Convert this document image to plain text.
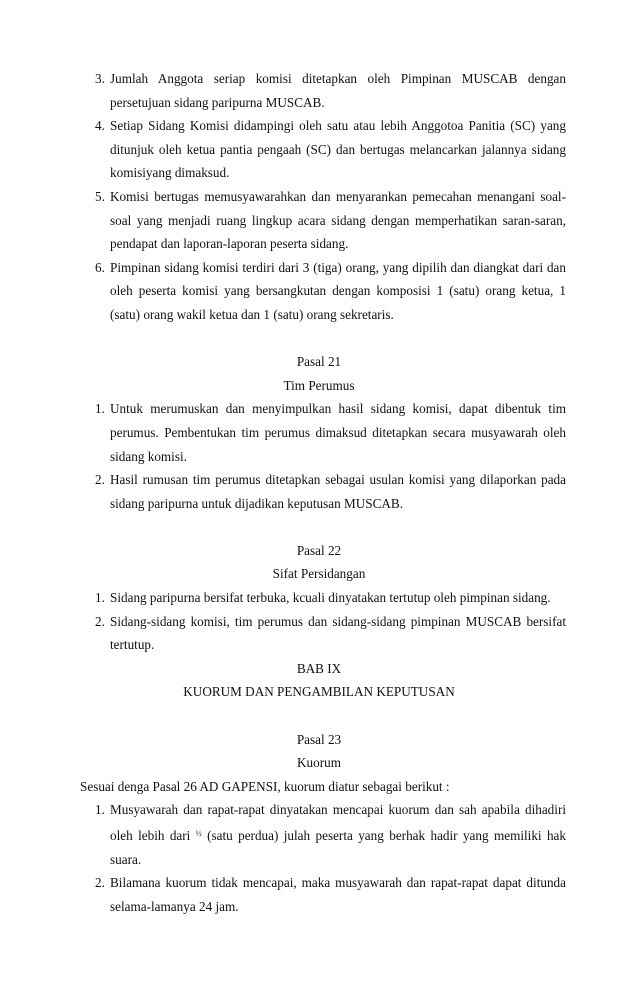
3. Jumlah Anggota seriap komisi ditetapkan oleh Pimpinan MUSCAB dengan persetujuan sidang paripurna MUSCAB.
4. Setiap Sidang Komisi didampingi oleh satu atau lebih Anggotoa Panitia (SC) yang ditunjuk oleh ketua pantia pengaah (SC) dan bertugas melancarkan jalannya sidang komisiyang dimaksud.
5. Komisi bertugas memusyawarahkan dan menyarankan pemecahan menangani soal-soal yang menjadi ruang lingkup acara sidang dengan memperhatikan saran-saran, pendapat dan laporan-laporan peserta sidang.
6. Pimpinan sidang komisi terdiri dari 3 (tiga) orang, yang dipilih dan diangkat dari dan oleh peserta komisi yang bersangkutan dengan komposisi 1 (satu) orang ketua, 1 (satu) orang wakil ketua dan 1 (satu) orang sekretaris.

Pasal 21

Tim Perumus

1. Untuk merumuskan dan menyimpulkan hasil sidang komisi, dapat dibentuk tim perumus. Pembentukan tim perumus dimaksud ditetapkan secara musyawarah oleh sidang komisi.
2. Hasil rumusan tim perumus ditetapkan sebagai usulan komisi yang dilaporkan pada sidang paripurna untuk dijadikan keputusan MUSCAB.

Pasal 22

Sifat Persidangan

1. Sidang paripurna bersifat terbuka, kcuali dinyatakan tertutup oleh pimpinan sidang.
2. Sidang-sidang komisi, tim perumus dan sidang-sidang pimpinan MUSCAB bersifat tertutup.

BAB IX

KUORUM DAN PENGAMBILAN KEPUTUSAN

Pasal 23

Kuorum

Sesuai denga Pasal 26 AD GAPENSI, kuorum diatur sebagai berikut :

1. Musyawarah dan rapat-rapat dinyatakan mencapai kuorum dan sah apabila dihadiri oleh lebih dari $^{\frac{1}{2}}$ (satu perdua) julah peserta yang berhak hadir yang memiliki hak suara.
2. Bilamana kuorum tidak mencapai, maka musyawarah dan rapat-rapat dapat ditunda selama-lamanya 24 jam.
